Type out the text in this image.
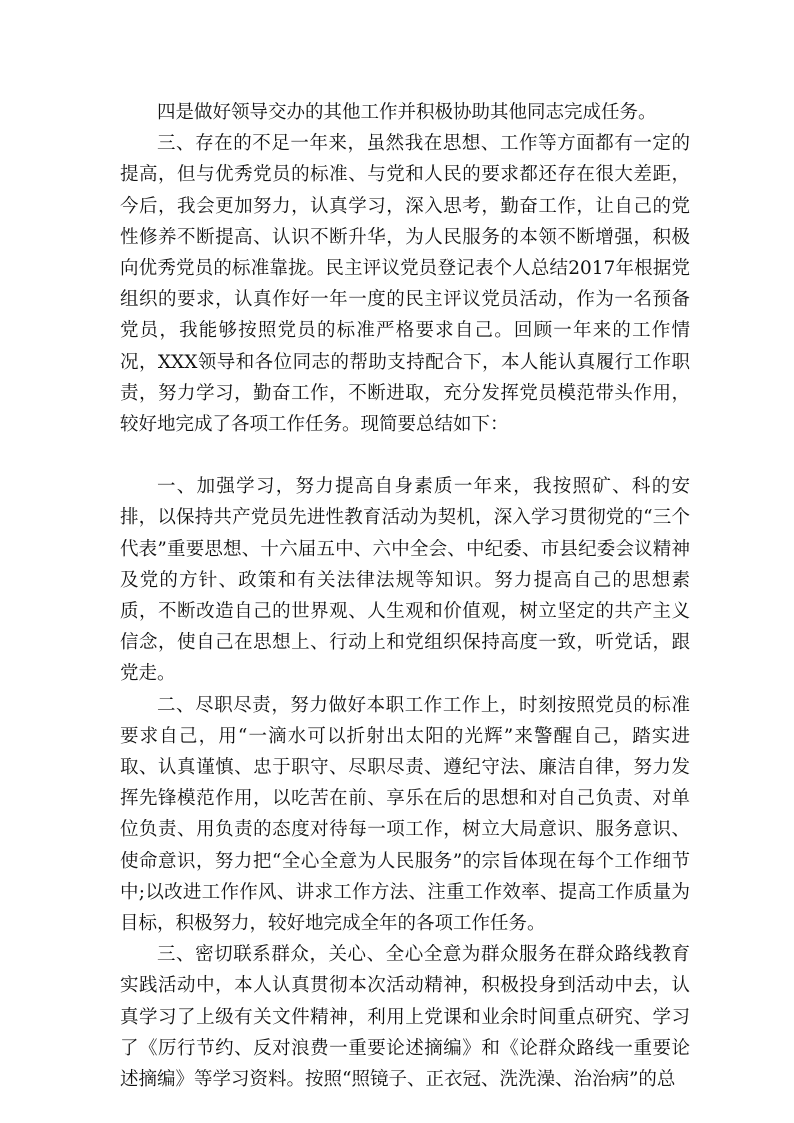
四是做好领导交办的其他工作并积极协助其他同志完成任务。

三、存在的不足一年来，虽然我在思想、工作等方面都有一定的提高，但与优秀党员的标准、与党和人民的要求都还存在很大差距，今后，我会更加努力，认真学习，深入思考，勤奋工作，让自己的党性修养不断提高、认识不断升华，为人民服务的本领不断增强，积极向优秀党员的标准靠拢。民主评议党员登记表个人总结2017年根据党组织的要求，认真作好一年一度的民主评议党员活动，作为一名预备党员，我能够按照党员的标准严格要求自己。回顾一年来的工作情况，XXX领导和各位同志的帮助支持配合下，本人能认真履行工作职责，努力学习，勤奋工作，不断进取，充分发挥党员模范带头作用，较好地完成了各项工作任务。现简要总结如下：

一、加强学习，努力提高自身素质一年来，我按照矿、科的安排，以保持共产党员先进性教育活动为契机，深入学习贯彻党的“三个代表”重要思想、十六届五中、六中全会、中纪委、市县纪委会议精神及党的方针、政策和有关法律法规等知识。努力提高自己的思想素质，不断改造自己的世界观、人生观和价值观，树立坚定的共产主义信念，使自己在思想上、行动上和党组织保持高度一致，听党话，跟党走。

二、尽职尽责，努力做好本职工作工作上，时刻按照党员的标准要求自己，用“一滴水可以折射出太阳的光辉”来警醒自己，踏实进取、认真谨慎、忠于职守、尽职尽责、遵纪守法、廉洁自律，努力发挥先锋模范作用，以吃苦在前、享乐在后的思想和对自己负责、对单位负责、用负责的态度对待每一项工作，树立大局意识、服务意识、使命意识，努力把“全心全意为人民服务”的宗旨体现在每个工作细节中;以改进工作作风、讲求工作方法、注重工作效率、提高工作质量为目标，积极努力，较好地完成全年的各项工作任务。

三、密切联系群众，关心、全心全意为群众服务在群众路线教育实践活动中，本人认真贯彻本次活动精神，积极投身到活动中去，认真学习了上级有关文件精神，利用上党课和业余时间重点研究、学习了《厉行节约、反对浪费一重要论述摘编》和《论群众路线一重要论述摘编》等学习资料。按照“照镜子、正衣冠、洗洗澡、治治病”的总
